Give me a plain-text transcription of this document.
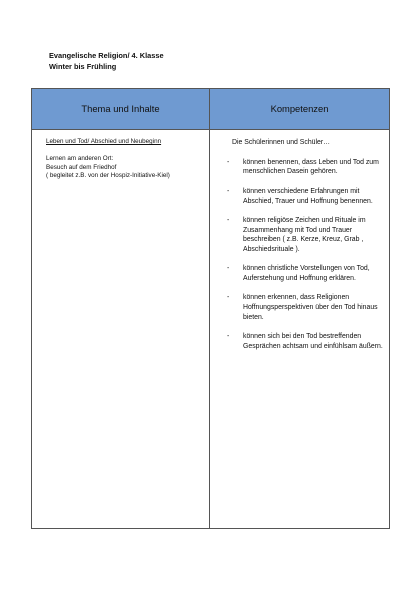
Evangelische Religion/ 4. Klasse
Winter bis Frühling
Thema und Inhalte	Kompetenzen
Leben und Tod/ Abschied und Neubeginn
Lernen am anderen Ort:
Besuch auf dem Friedhof
( begleitet z.B. von der Hospiz-Initiative-Kiel)
Die Schülerinnen und Schüler…
- können benennen, dass Leben und Tod zum menschlichen Dasein gehören.
- können verschiedene Erfahrungen mit Abschied, Trauer und Hoffnung benennen.
- können religiöse Zeichen und Rituale im Zusammenhang mit Tod und Trauer beschreiben ( z.B. Kerze, Kreuz, Grab , Abschiedsrituale ).
- können christliche Vorstellungen von Tod, Auferstehung und Hoffnung erklären.
- können erkennen, dass Religionen Hoffnungsperspektiven über den Tod hinaus bieten.
- können sich bei den Tod bestreffenden Gesprächen achtsam und einfühlsam äußern.
